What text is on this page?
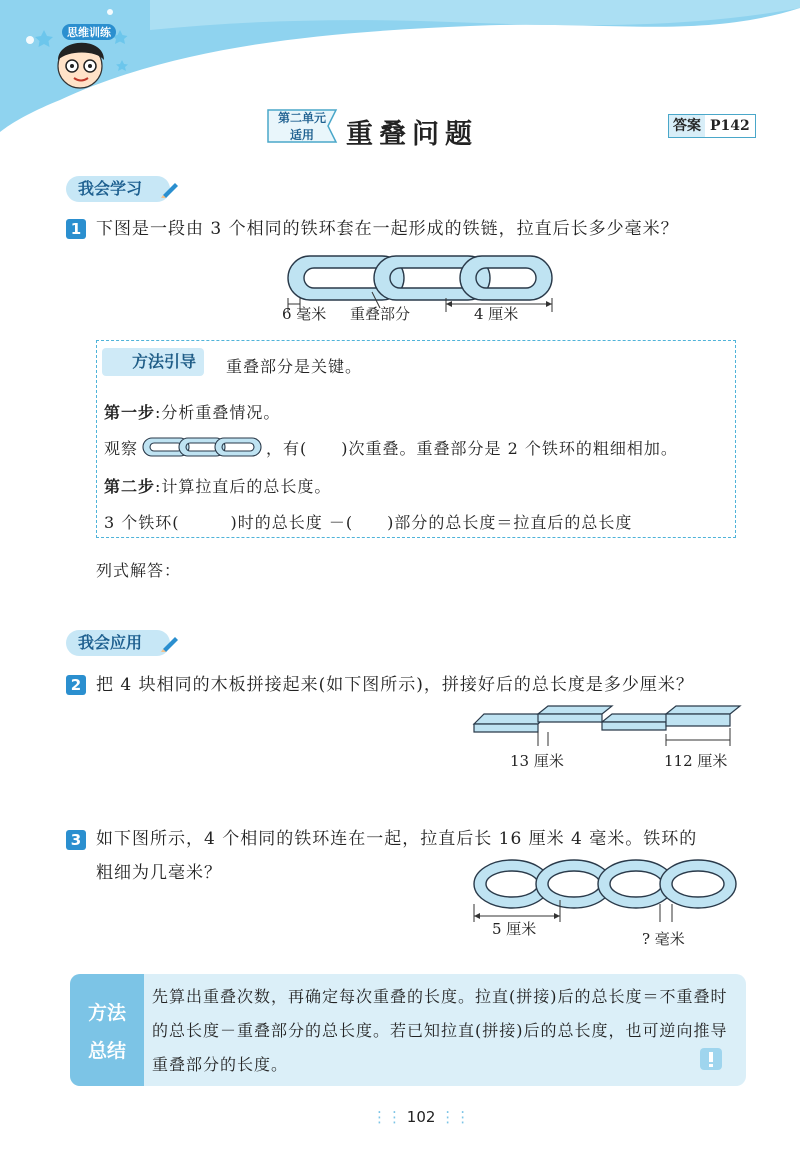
思维训练
第二单元
适用 重叠问题	答案 P142
我会学习
1 下图是一段由 3 个相同的铁环套在一起形成的铁链，拉直后长多少毫米？
6 毫米 重叠部分	4 厘米
方法引导	重叠部分是关键。
第一步:分析重叠情况。
观察	，有(　　)次重叠。重叠部分是 2 个铁环的粗细相加。
第二步:计算拉直后的总长度。
3 个铁环(　　　)时的总长度 －(　　)部分的总长度＝拉直后的总长度
列式解答：
我会应用
2 把 4 块相同的木板拼接起来(如下图所示)，拼接好后的总长度是多少厘米？
13 厘米	112 厘米
3 如下图所示，4 个相同的铁环连在一起，拉直后长 16 厘米 4 毫米。铁环的
粗细为几毫米？
5 厘米
? 毫米
方法
总结
先算出重叠次数，再确定每次重叠的长度。拉直(拼接)后的总长度＝不重叠时的总长度－重叠部分的总长度。若已知拉直(拼接)后的总长度，也可逆向推导重叠部分的长度。
⋮⋮ 102 ⋮⋮
